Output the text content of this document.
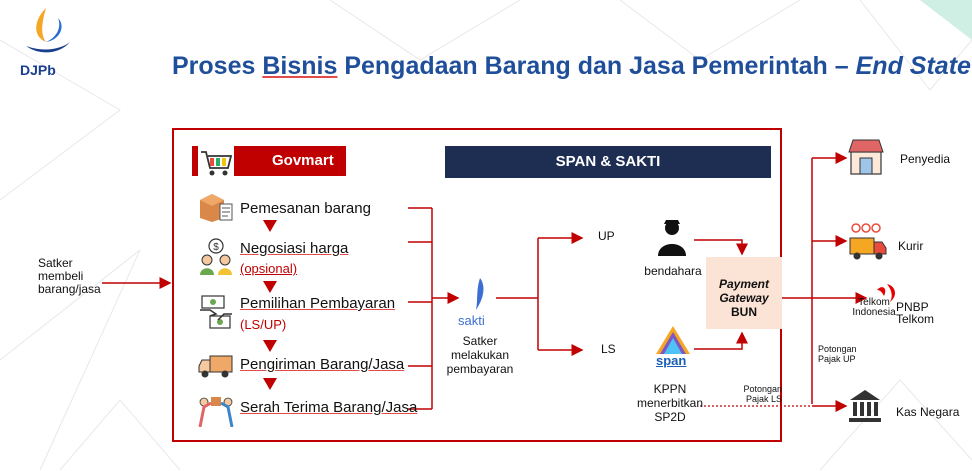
DJPb	Proses Bisnis Pengadaan Barang dan Jasa Pemerintah – End State
Satker
membeli
barang/jasa
Govmart	SPAN & SAKTI
Pemesanan barang
$ Negosiasi harga
(opsional)
Pemilihan Pembayaran
(LS/UP)
Pengiriman Barang/Jasa
Serah Terima Barang/Jasa
sakti
Satker
melakukan
pembayaran
UP
LS
bendahara
span
KPPN
menerbitkan
SP2D
Payment
Gateway
BUN
Potongan
Pajak LS
Potongan
Pajak UP
Penyedia
Kurir
Telkom
Indonesia PNBP
Telkom
Kas Negara
